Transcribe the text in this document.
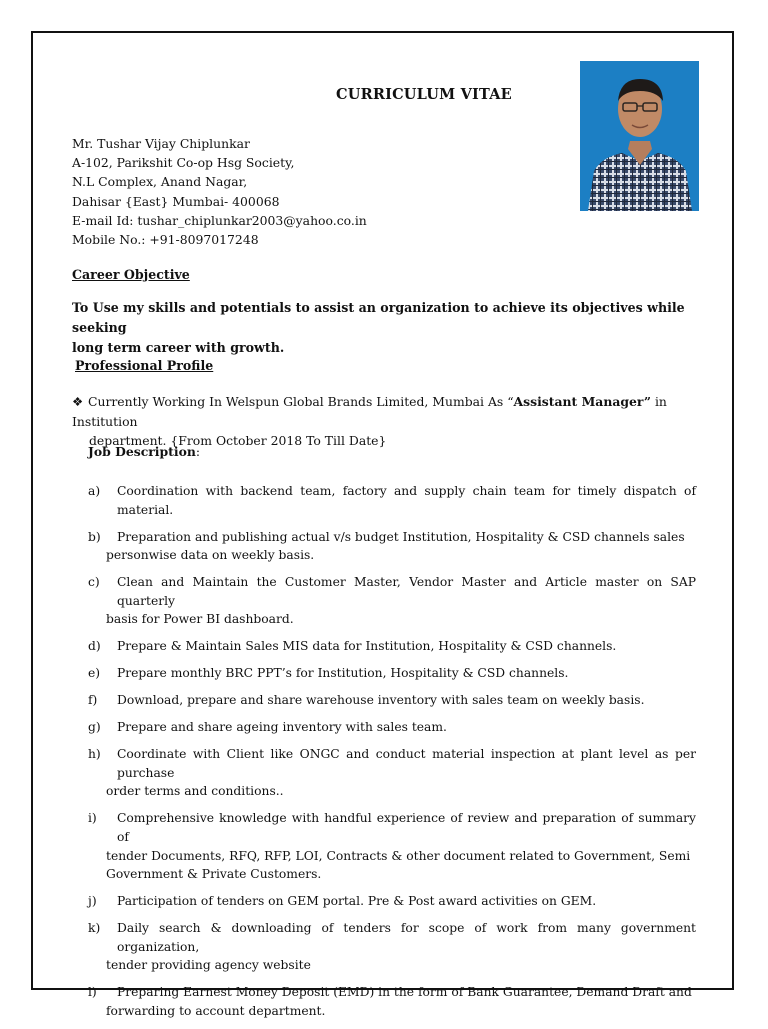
CURRICULUM VITAE
Mr. Tushar Vijay Chiplunkar
A-102, Parikshit Co-op Hsg Society,
N.L Complex, Anand Nagar,
Dahisar {East} Mumbai- 400068
E-mail Id: tushar_chiplunkar2003@yahoo.co.in
Mobile No.: +91-8097017248
Career Objective
To Use my skills and potentials to assist an organization to achieve its objectives while seeking
long term career with growth.
Professional Profile
❖ Currently Working In Welspun Global Brands Limited, Mumbai As “Assistant Manager” in Institution
department. {From October 2018 To Till Date}
Job Description:
a)	Coordination with backend team, factory and supply chain team for timely dispatch of material.
b)	Preparation and publishing actual v/s budget Institution, Hospitality & CSD channels sales
personwise data on weekly basis.
c)	Clean and Maintain the Customer Master, Vendor Master and Article master on SAP quarterly
basis for Power BI dashboard.
d)	Prepare & Maintain Sales MIS data for Institution, Hospitality & CSD channels.
e)	Prepare monthly BRC PPT’s for Institution, Hospitality & CSD channels.
f)	Download, prepare and share warehouse inventory with sales team on weekly basis.
g)	Prepare and share ageing inventory with sales team.
h)	Coordinate with Client like ONGC and conduct material inspection at plant level as per purchase
order terms and conditions..
i)	Comprehensive knowledge with handful experience of review and preparation of summary of
tender Documents, RFQ, RFP, LOI, Contracts & other document related to Government, Semi
Government & Private Customers.
j)	Participation of tenders on GEM portal. Pre & Post award activities on GEM.
k)	Daily search & downloading of tenders for scope of work from many government organization,
tender providing agency website
l)	Preparing Earnest Money Deposit (EMD) in the form of Bank Guarantee, Demand Draft and
forwarding to account department.
